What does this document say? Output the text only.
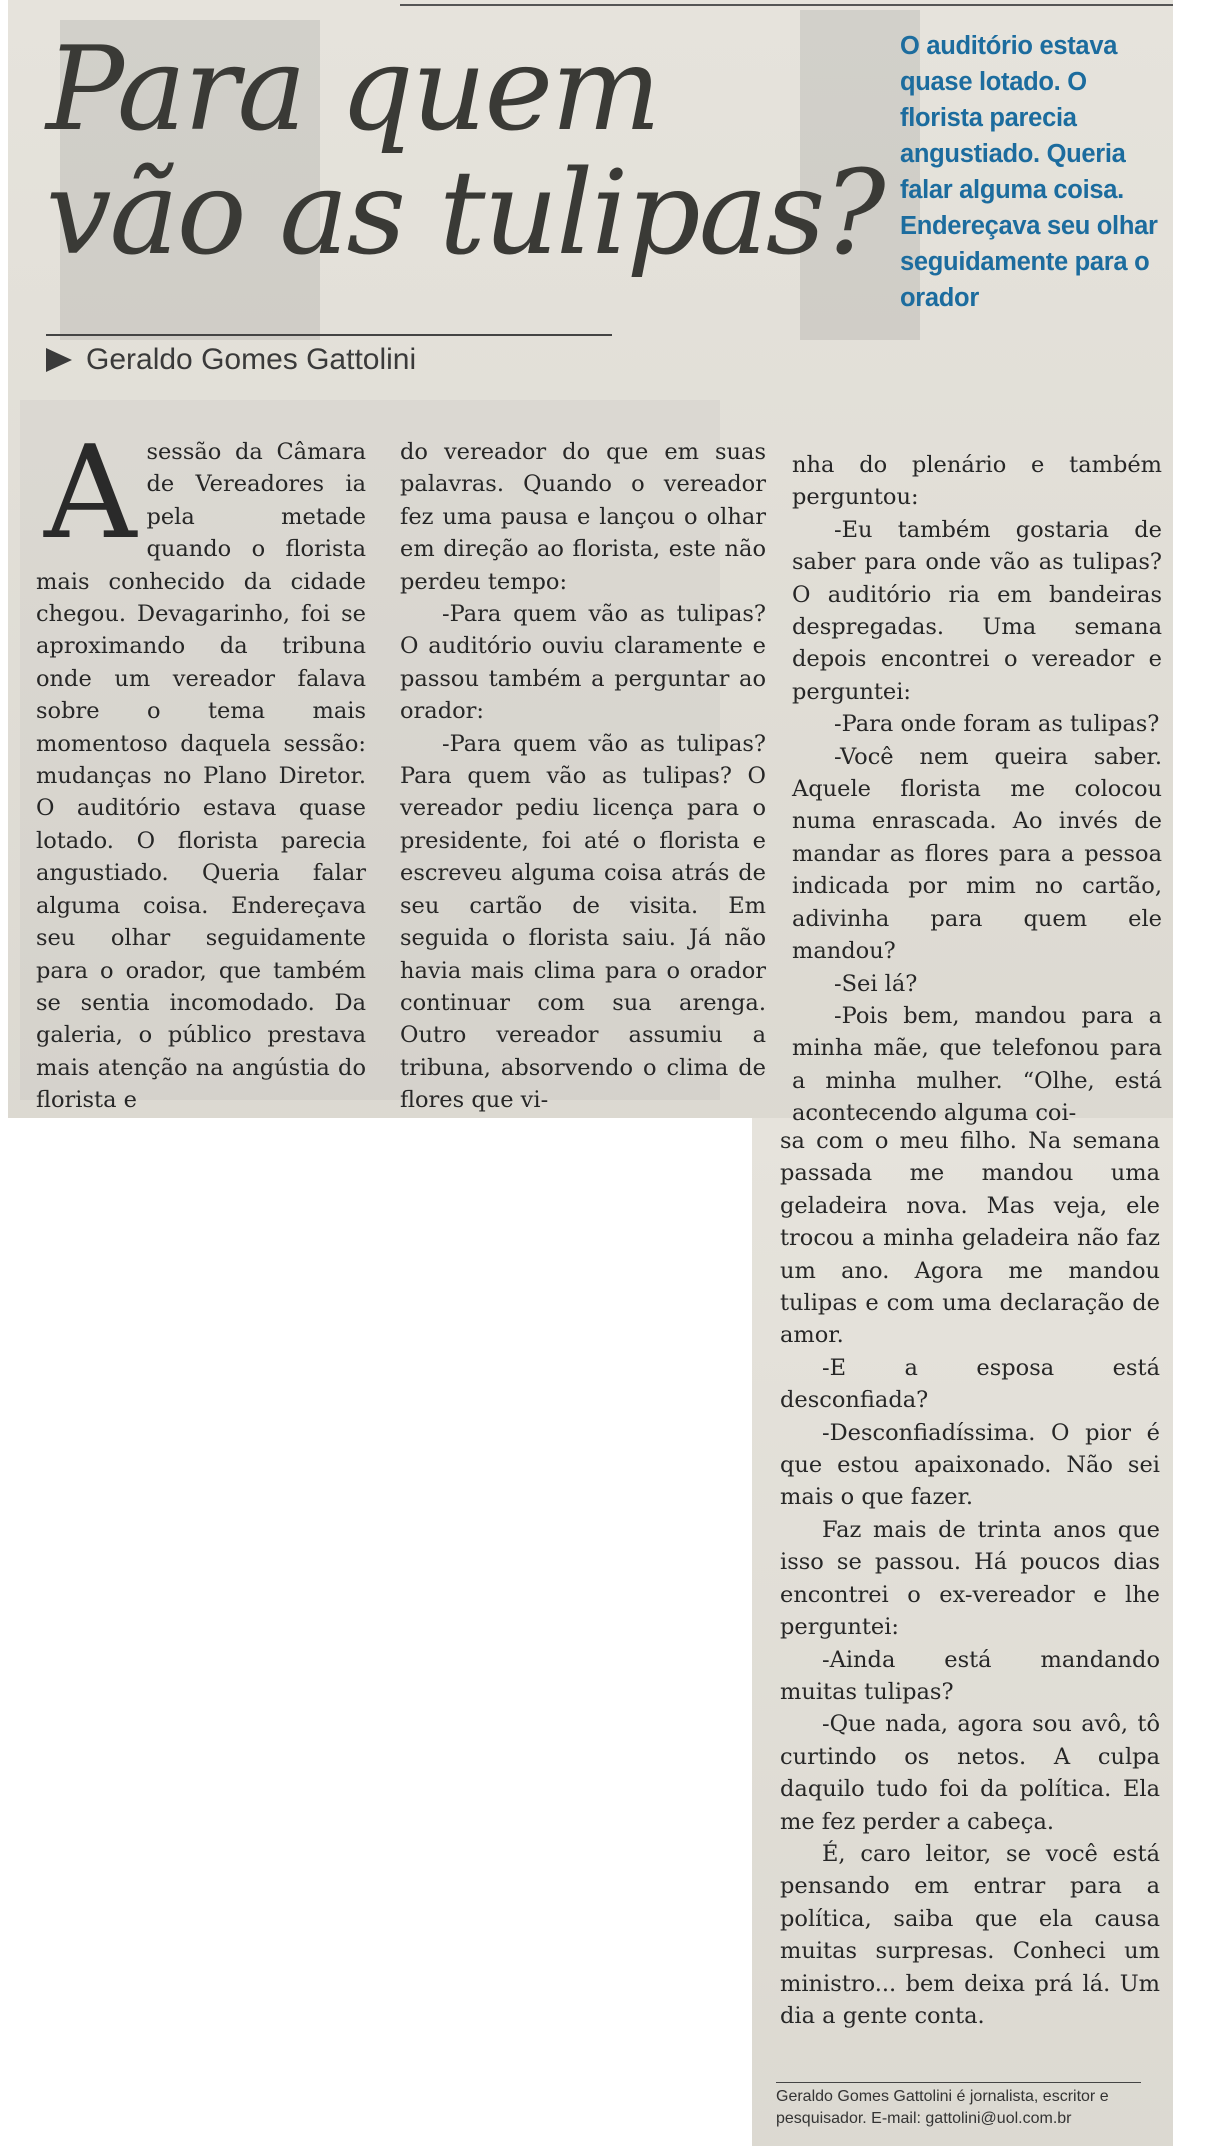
Para quem
vão as tulipas?
O auditório estava quase lotado. O florista parecia angustiado. Queria falar alguma coisa. Endereçava seu olhar seguidamente para o orador
Geraldo Gomes Gattolini
A sessão da Câmara de Vereadores ia pela metade quando o florista mais conhecido da cidade chegou. Devagarinho, foi se aproximando da tribuna onde um vereador falava sobre o tema mais momentoso daquela sessão: mudanças no Plano Diretor. O auditório estava quase lotado. O florista parecia angustiado. Queria falar alguma coisa. Endereçava seu olhar seguidamente para o orador, que também se sentia incomodado. Da galeria, o público prestava mais atenção na angústia do florista e

do vereador do que em suas palavras. Quando o vereador fez uma pausa e lançou o olhar em direção ao florista, este não perdeu tempo:

-Para quem vão as tulipas? O auditório ouviu claramente e passou também a perguntar ao orador:

-Para quem vão as tulipas? Para quem vão as tulipas? O vereador pediu licença para o presidente, foi até o florista e escreveu alguma coisa atrás de seu cartão de visita. Em seguida o florista saiu. Já não havia mais clima para o orador continuar com sua arenga. Outro vereador assumiu a tribuna, absorvendo o clima de flores que vi-

nha do plenário e também perguntou:

-Eu também gostaria de saber para onde vão as tulipas? O auditório ria em bandeiras despregadas. Uma semana depois encontrei o vereador e perguntei:

-Para onde foram as tulipas?

-Você nem queira saber. Aquele florista me colocou numa enrascada. Ao invés de mandar as flores para a pessoa indicada por mim no cartão, adivinha para quem ele mandou?

-Sei lá?

-Pois bem, mandou para a minha mãe, que telefonou para a minha mulher. “Olhe, está acontecendo alguma coi-

sa com o meu filho. Na semana passada me mandou uma geladeira nova. Mas veja, ele trocou a minha geladeira não faz um ano. Agora me mandou tulipas e com uma declaração de amor.

-E a esposa está desconfiada?

-Desconfiadíssima. O pior é que estou apaixonado. Não sei mais o que fazer.

Faz mais de trinta anos que isso se passou. Há poucos dias encontrei o ex-vereador e lhe perguntei:

-Ainda está mandando muitas tulipas?

-Que nada, agora sou avô, tô curtindo os netos. A culpa daquilo tudo foi da política. Ela me fez perder a cabeça.

É, caro leitor, se você está pensando em entrar para a política, saiba que ela causa muitas surpresas. Conheci um ministro... bem deixa prá lá. Um dia a gente conta.

Geraldo Gomes Gattolini é jornalista, escritor e pesquisador. E-mail: gattolini@uol.com.br
